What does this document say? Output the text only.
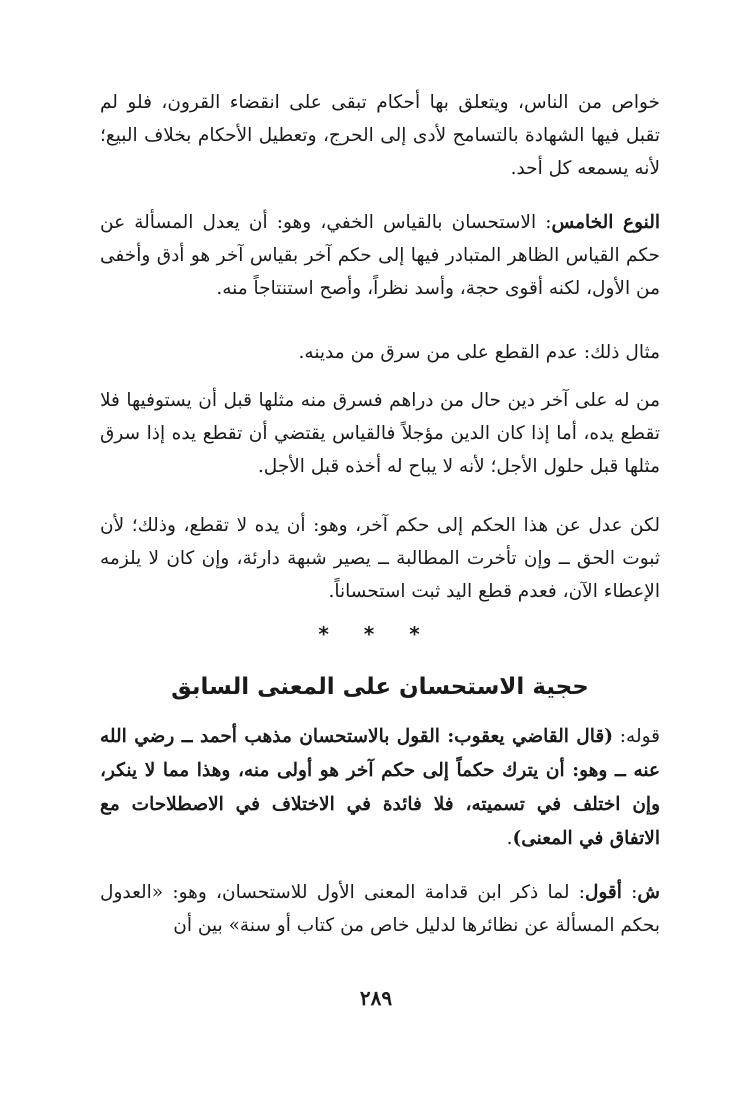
خواص من الناس، ويتعلق بها أحكام تبقى على انقضاء القرون، فلو لم تقبل فيها الشهادة بالتسامح لأدى إلى الحرج، وتعطيل الأحكام بخلاف البيع؛ لأنه يسمعه كل أحد.

النوع الخامس: الاستحسان بالقياس الخفي، وهو: أن يعدل المسألة عن حكم القياس الظاهر المتبادر فيها إلى حكم آخر بقياس آخر هو أدق وأخفى من الأول، لكنه أقوى حجة، وأسد نظراً، وأصح استنتاجاً منه.

مثال ذلك: عدم القطع على من سرق من مدينه.

من له على آخر دين حال من دراهم فسرق منه مثلها قبل أن يستوفيها فلا تقطع يده، أما إذا كان الدين مؤجلاً فالقياس يقتضي أن تقطع يده إذا سرق مثلها قبل حلول الأجل؛ لأنه لا يباح له أخذه قبل الأجل.

لكن عدل عن هذا الحكم إلى حكم آخر، وهو: أن يده لا تقطع، وذلك؛ لأن ثبوت الحق ــ وإن تأخرت المطالبة ــ يصير شبهة دارئة، وإن كان لا يلزمه الإعطاء الآن، فعدم قطع اليد ثبت استحساناً.

* * *
حجية الاستحسان على المعنى السابق

قوله: (قال القاضي يعقوب: القول بالاستحسان مذهب أحمد ــ رضي الله عنه ــ وهو: أن يترك حكماً إلى حكم آخر هو أولى منه، وهذا مما لا ينكر، وإن اختلف في تسميته، فلا فائدة في الاختلاف في الاصطلاحات مع الاتفاق في المعنى).

ش: أقول: لما ذكر ابن قدامة المعنى الأول للاستحسان، وهو: «العدول بحكم المسألة عن نظائرها لدليل خاص من كتاب أو سنة» بين أن

٢٨٩
